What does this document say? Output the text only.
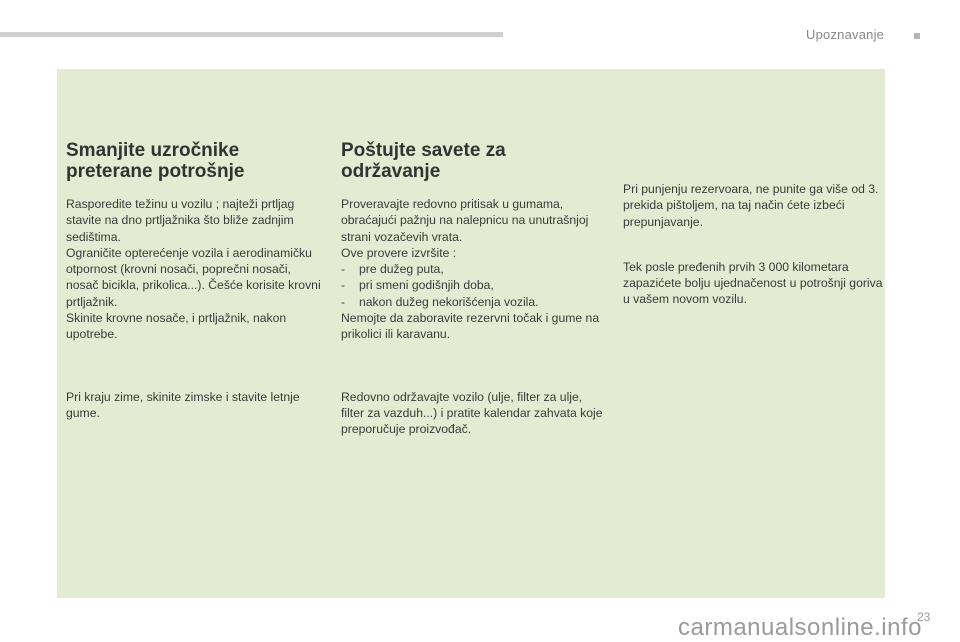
Upoznavanje
Smanjite uzročnike preterane potrošnje

Rasporedite težinu u vozilu ; najteži prtljag stavite na dno prtljažnika što bliže zadnjim sedištima.

Ograničite opterećenje vozila i aerodinamičku otpornost (krovni nosači, poprečni nosači, nosač bicikla, prikolica...). Češće korisite krovni prtljažnik.

Skinite krovne nosače, i prtljažnik, nakon upotrebe.

Pri kraju zime, skinite zimske i stavite letnje gume.

Poštujte savete za održavanje

Proveravajte redovno pritisak u gumama, obraćajući pažnju na nalepnicu na unutrašnjoj strani vozačevih vrata.

Ove provere izvršite :

-	pre dužeg puta,
-	pri smeni godišnjih doba,
-	nakon dužeg nekorišćenja vozila.

Nemojte da zaboravite rezervni točak i gume na prikolici ili karavanu.

Redovno održavajte vozilo (ulje, filter za ulje, filter za vazduh...) i pratite kalendar zahvata koje preporučuje proizvođač.

Pri punjenju rezervoara, ne punite ga više od 3. prekida pištoljem, na taj način ćete izbeći prepunjavanje.

Tek posle pređenih prvih 3 000 kilometara zapazićete bolju ujednačenost u potrošnji goriva u vašem novom vozilu.

23
carmanualsonline.info
